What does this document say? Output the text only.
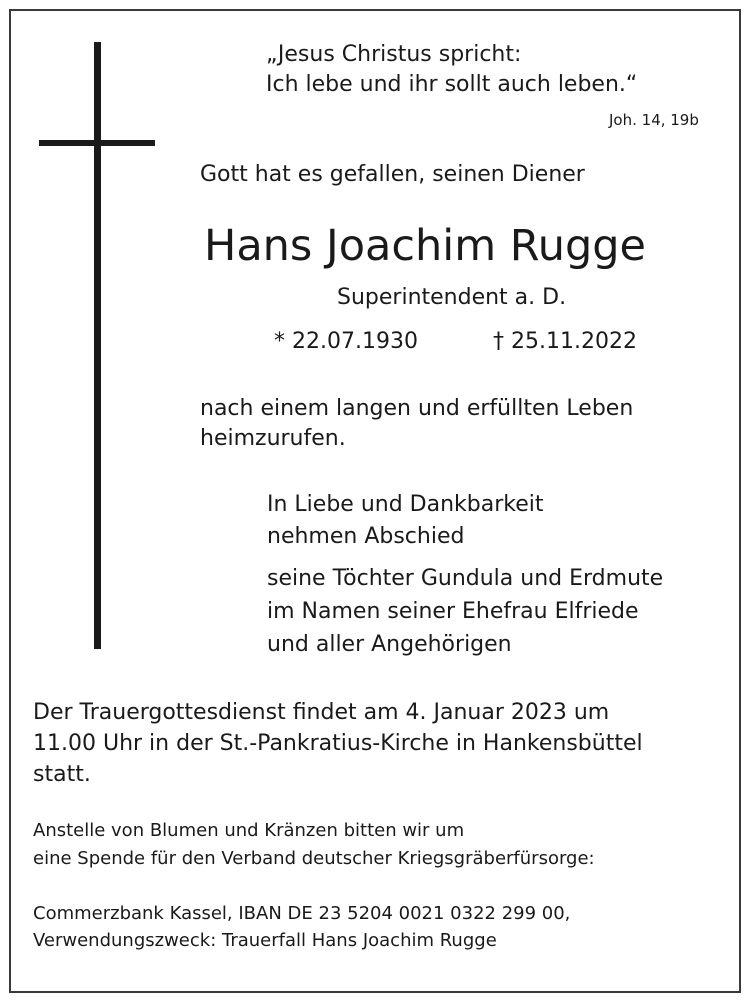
„Jesus Christus spricht:
Ich lebe und ihr sollt auch leben.“
Joh. 14, 19b
Gott hat es gefallen, seinen Diener
Hans Joachim Rugge
Superintendent a. D.
* 22.07.1930	† 25.11.2022
nach einem langen und erfüllten Leben
heimzurufen.
In Liebe und Dankbarkeit
nehmen Abschied
seine Töchter Gundula und Erdmute
im Namen seiner Ehefrau Elfriede
und aller Angehörigen
Der Trauergottesdienst findet am 4. Januar 2023 um
11.00 Uhr in der St.-Pankratius-Kirche in Hankensbüttel
statt.
Anstelle von Blumen und Kränzen bitten wir um
eine Spende für den Verband deutscher Kriegsgräberfürsorge:
Commerzbank Kassel, IBAN DE 23 5204 0021 0322 299 00,
Verwendungszweck: Trauerfall Hans Joachim Rugge
